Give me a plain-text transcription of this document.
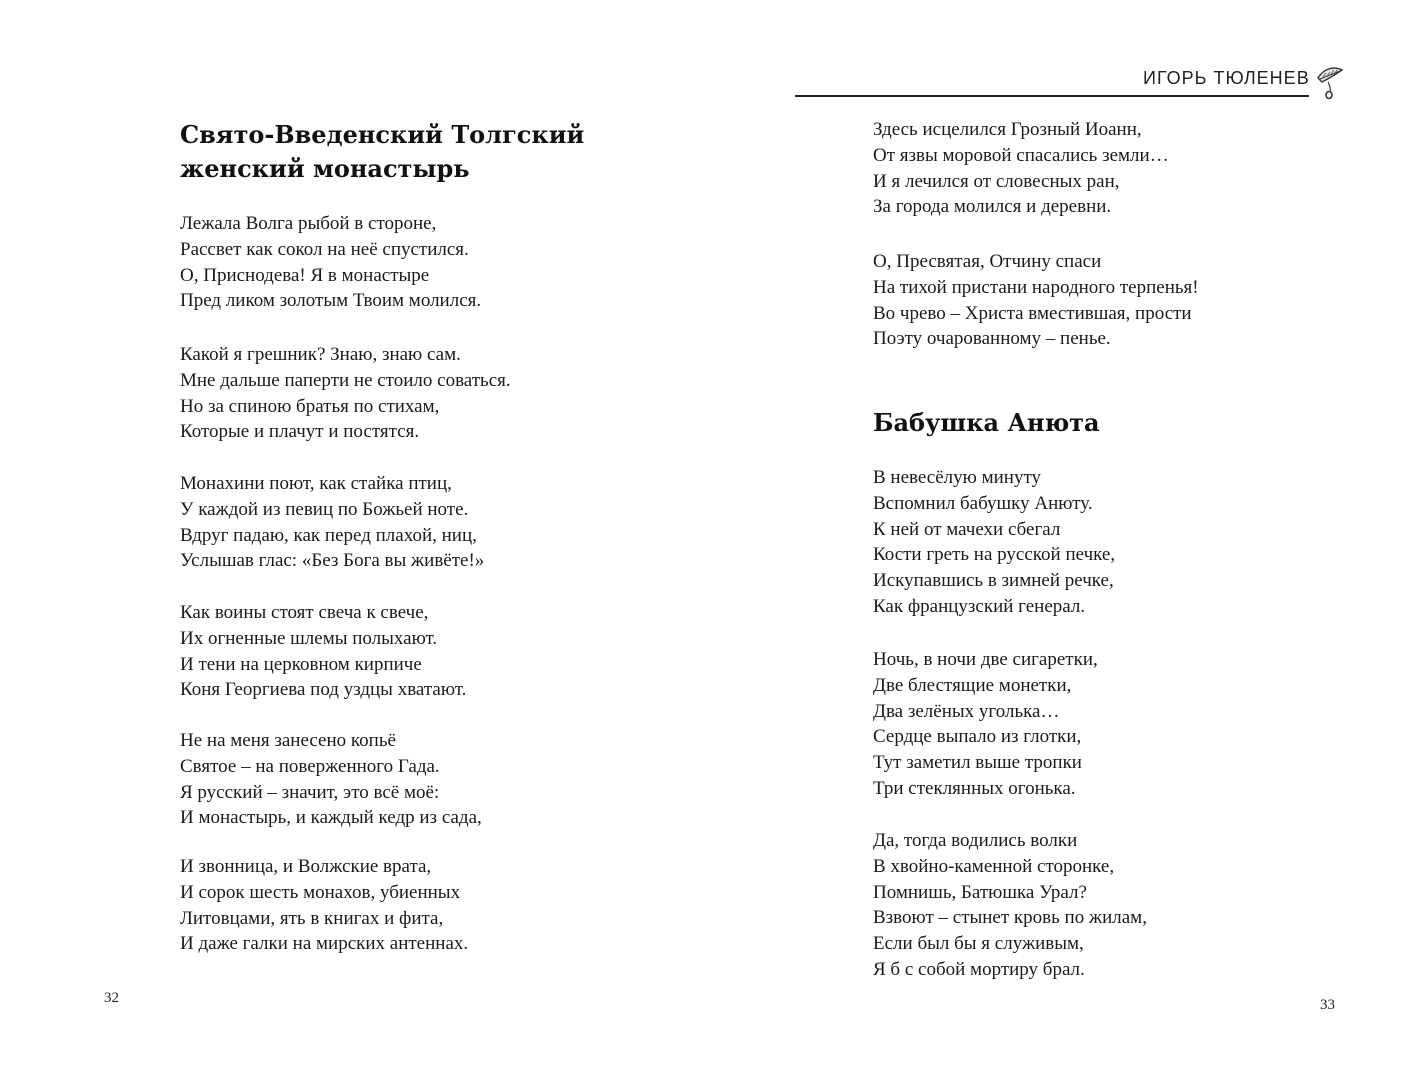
Свято-Введенский Толгский
женский монастырь
Лежала Волга рыбой в стороне,
Рассвет как сокол на неё спустился.
О, Приснодева! Я в монастыре
Пред ликом золотым Твоим молился.
Какой я грешник? Знаю, знаю сам.
Мне дальше паперти не стоило соваться.
Но за спиною братья по стихам,
Которые и плачут и постятся.
Монахини поют, как стайка птиц,
У каждой из певиц по Божьей ноте.
Вдруг падаю, как перед плахой, ниц,
Услышав глас: «Без Бога вы живёте!»
Как воины стоят свеча к свече,
Их огненные шлемы полыхают.
И тени на церковном кирпиче
Коня Георгиева под уздцы хватают.
Не на меня занесено копьё
Святое – на поверженного Гада.
Я русский – значит, это всё моё:
И монастырь, и каждый кедр из сада,
И звонница, и Волжские врата,
И сорок шесть монахов, убиенных
Литовцами, ять в книгах и фита,
И даже галки на мирских антеннах.
32
ИГОРЬ ТЮЛЕНЕВ
Здесь исцелился Грозный Иоанн,
От язвы моровой спасались земли…
И я лечился от словесных ран,
За города молился и деревни.
О, Пресвятая, Отчину спаси
На тихой пристани народного терпенья!
Во чрево – Христа вместившая, прости
Поэту очарованному – пенье.
Бабушка Анюта
В невесёлую минуту
Вспомнил бабушку Анюту.
К ней от мачехи сбегал
Кости греть на русской печке,
Искупавшись в зимней речке,
Как французский генерал.
Ночь, в ночи две сигаретки,
Две блестящие монетки,
Два зелёных уголька…
Сердце выпало из глотки,
Тут заметил выше тропки
Три стеклянных огонька.
Да, тогда водились волки
В хвойно-каменной сторонке,
Помнишь, Батюшка Урал?
Взвоют – стынет кровь по жилам,
Если был бы я служивым,
Я б с собой мортиру брал.
33
